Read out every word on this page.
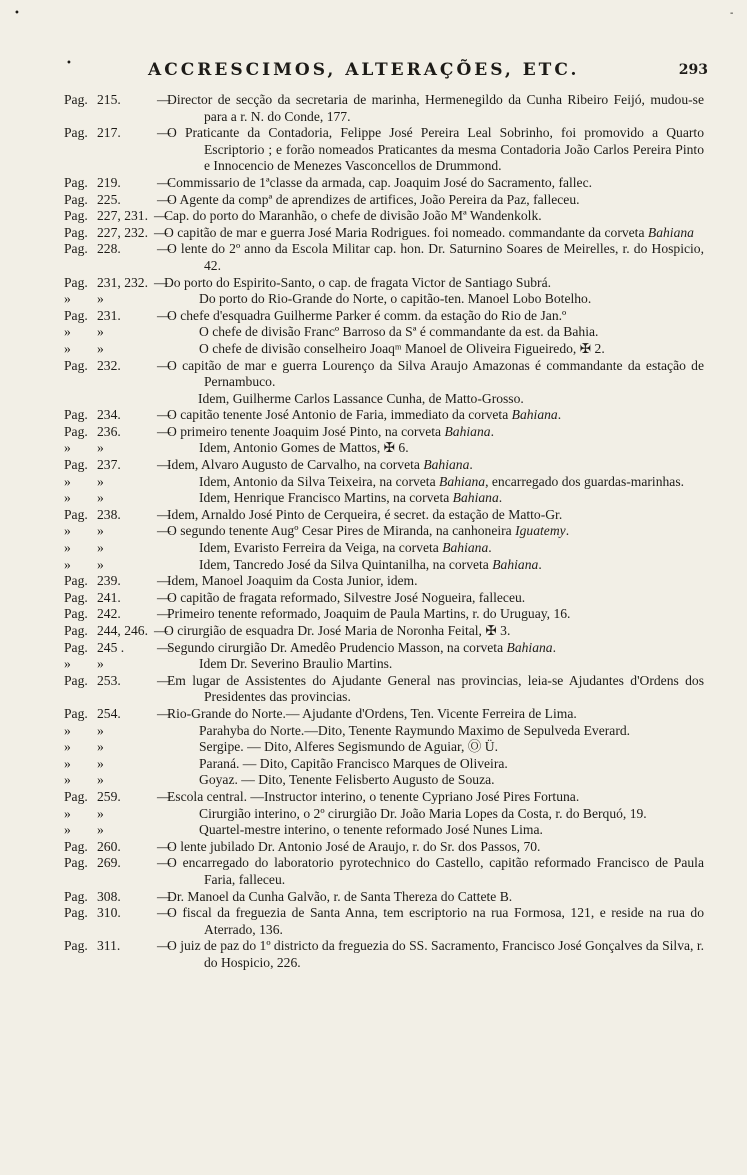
•	-
•	ACCRESCIMOS, ALTERAÇÕES, ETC.	293

Pag. 215.	—Director de secção da secretaria de marinha, Hermenegildo da Cunha Ribeiro Feijó, mudou-se para a r. N. do Conde, 177.

Pag. 217.	—O Praticante da Contadoria, Felippe José Pereira Leal Sobrinho, foi promovido a Quarto Escriptorio ; e forão nomeados Praticantes da mesma Contadoria João Carlos Pereira Pinto e Innocencio de Menezes Vasconcellos de Drummond.

Pag. 219.	—Commissario de 1ªclasse da armada, cap. Joaquim José do Sacramento, fallec.

Pag. 225.	—O Agente da compª de aprendizes de artifices, João Pereira da Paz, falleceu.

Pag. 227, 231. —Cap. do porto do Maranhão, o chefe de divisão João Mª Wandenkolk.

Pag. 227, 232. —O capitão de mar e guerra José Maria Rodrigues. foi nomeado. commandante da corveta Bahiana

Pag. 228.	—O lente do 2º anno da Escola Militar cap. hon. Dr. Saturnino Soares de Meirelles, r. do Hospicio, 42.

Pag. 231, 232. —Do porto do Espirito-Santo, o cap. de fragata Victor de Santiago Subrá.

» »	Do porto do Rio-Grande do Norte, o capitão-ten. Manoel Lobo Botelho.

Pag. 231.	—O chefe d'esquadra Guilherme Parker é comm. da estação do Rio de Jan.º

» »	O chefe de divisão Francº Barroso da Sª é commandante da est. da Bahia.

» »	O chefe de divisão conselheiro Joaqᵐ Manoel de Oliveira Figueiredo, ✠ 2.

Pag. 232.	—O capitão de mar e guerra Lourenço da Silva Araujo Amazonas é commandante da estação de Pernambuco.

Idem, Guilherme Carlos Lassance Cunha, de Matto-Grosso.

Pag. 234.	—O capitão tenente José Antonio de Faria, immediato da corveta Bahiana.

Pag. 236.	—O primeiro tenente Joaquim José Pinto, na corveta Bahiana.

» »	Idem, Antonio Gomes de Mattos, ✠ 6.

Pag. 237.	—Idem, Alvaro Augusto de Carvalho, na corveta Bahiana.

» »	Idem, Antonio da Silva Teixeira, na corveta Bahiana, encarregado dos guardas-marinhas.

» »	Idem, Henrique Francisco Martins, na corveta Bahiana.

Pag. 238.	—Idem, Arnaldo José Pinto de Cerqueira, é secret. da estação de Matto-Gr.

» »	—O segundo tenente Augº Cesar Pires de Miranda, na canhoneira Iguatemy.

» »	Idem, Evaristo Ferreira da Veiga, na corveta Bahiana.

» »	Idem, Tancredo José da Silva Quintanilha, na corveta Bahiana.

Pag. 239.	—Idem, Manoel Joaquim da Costa Junior, idem.

Pag. 241.	—O capitão de fragata reformado, Silvestre José Nogueira, falleceu.

Pag. 242.	—Primeiro tenente reformado, Joaquim de Paula Martins, r. do Uruguay, 16.

Pag. 244, 246. —O cirurgião de esquadra Dr. José Maria de Noronha Feital, ✠ 3.

Pag. 245 . —Segundo cirurgião Dr. Amedêo Prudencio Masson, na corveta Bahiana.

» »	Idem Dr. Severino Braulio Martins.

Pag. 253.	—Em lugar de Assistentes do Ajudante General nas provincias, leia-se Ajudantes d'Ordens dos Presidentes das provincias.

Pag. 254.	—Rio-Grande do Norte.— Ajudante d'Ordens, Ten. Vicente Ferreira de Lima.

» »	Parahyba do Norte.—Dito, Tenente Raymundo Maximo de Sepulveda Everard.

» »	Sergipe. — Dito, Alferes Segismundo de Aguiar, Ⓞ Ü.

» »	Paraná. — Dito, Capitão Francisco Marques de Oliveira.

» »	Goyaz. — Dito, Tenente Felisberto Augusto de Souza.

Pag. 259.	—Escola central. —Instructor interino, o tenente Cypriano José Pires Fortuna.

» »	Cirurgião interino, o 2º cirurgião Dr. João Maria Lopes da Costa, r. do Berquó, 19.

» »	Quartel-mestre interino, o tenente reformado José Nunes Lima.

Pag. 260.	—O lente jubilado Dr. Antonio José de Araujo, r. do Sr. dos Passos, 70.

Pag. 269.	—O encarregado do laboratorio pyrotechnico do Castello, capitão reformado Francisco de Paula Faria, falleceu.

Pag. 308.	—Dr. Manoel da Cunha Galvão, r. de Santa Thereza do Cattete B.

Pag. 310.	—O fiscal da freguezia de Santa Anna, tem escriptorio na rua Formosa, 121, e reside na rua do Aterrado, 136.

Pag. 311.	—O juiz de paz do 1º districto da freguezia do SS. Sacramento, Francisco José Gonçalves da Silva, r. do Hospicio, 226.
